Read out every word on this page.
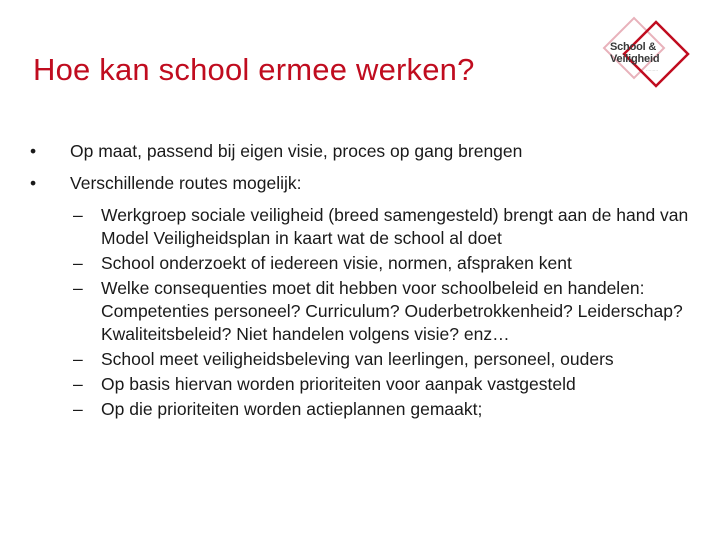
Hoe kan school ermee werken?
School &
Veiligheid
·········
• Op maat, passend bij eigen visie, proces op gang brengen
• Verschillende routes mogelijk:
– Werkgroep sociale veiligheid (breed samengesteld) brengt aan de hand van Model Veiligheidsplan in kaart wat de school al doet
– School onderzoekt of iedereen visie, normen, afspraken kent
– Welke consequenties moet dit hebben voor schoolbeleid en handelen: Competenties personeel? Curriculum? Ouderbetrokkenheid? Leiderschap? Kwaliteitsbeleid? Niet handelen volgens visie? enz…
– School meet veiligheidsbeleving van leerlingen, personeel, ouders
– Op basis hiervan worden prioriteiten voor aanpak vastgesteld
– Op die prioriteiten worden actieplannen gemaakt;
